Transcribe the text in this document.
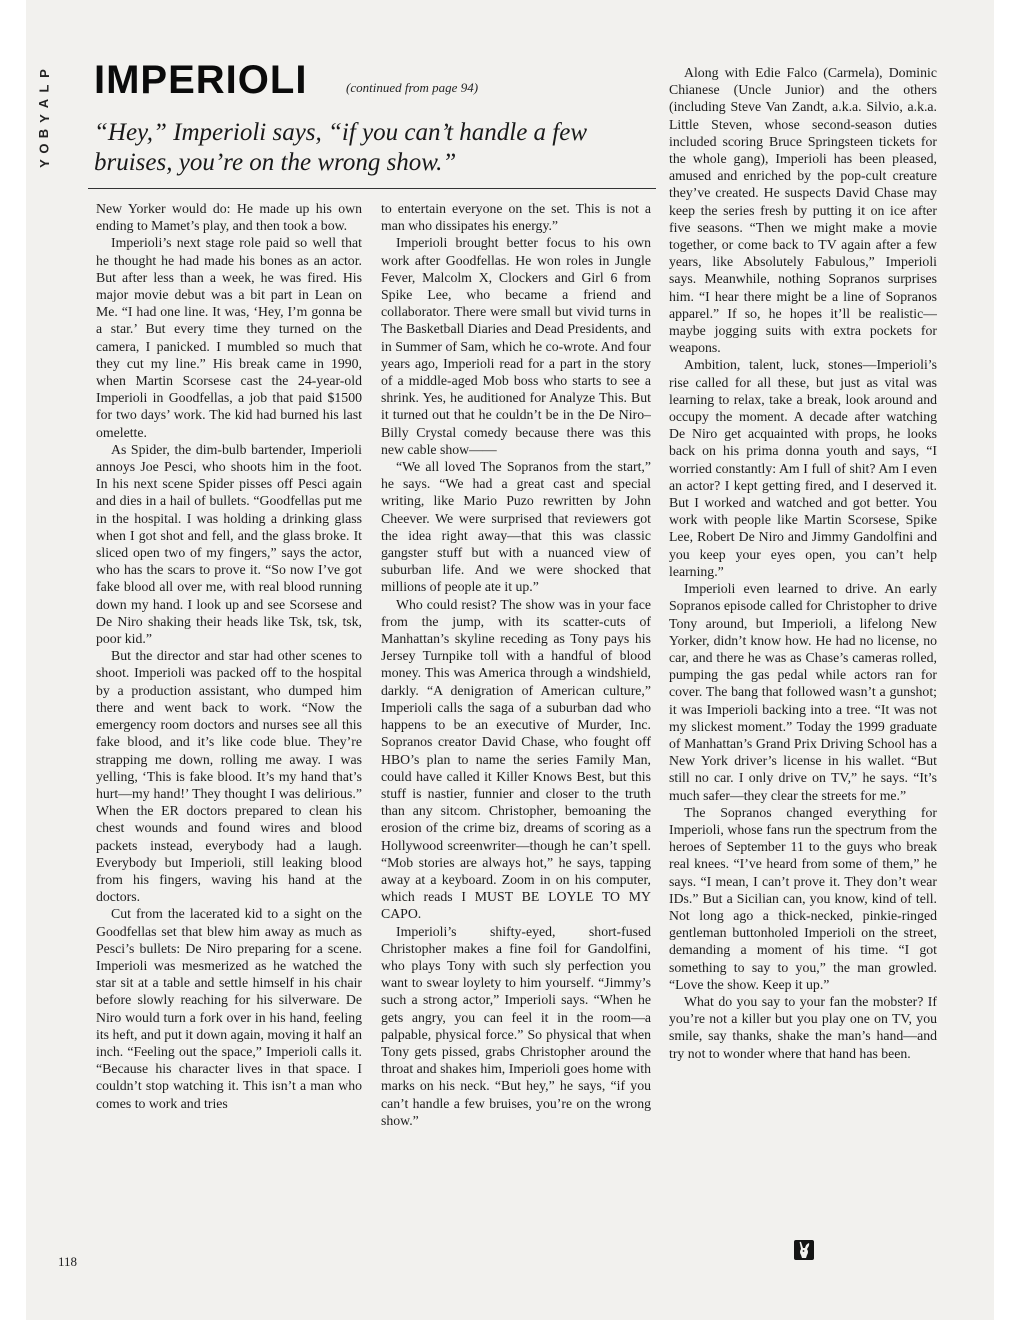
P
L
A
Y
B
O
Y
IMPERIOLI	(continued from page 94)
“Hey,” Imperioli says, “if you can’t handle a few bruises, you’re on the wrong show.”

New Yorker would do: He made up his own ending to Mamet’s play, and then took a bow.

Imperioli’s next stage role paid so well that he thought he had made his bones as an actor. But after less than a week, he was fired. His major movie debut was a bit part in Lean on Me. “I had one line. It was, ‘Hey, I’m gonna be a star.’ But every time they turned on the camera, I panicked. I mumbled so much that they cut my line.” His break came in 1990, when Martin Scorsese cast the 24-year-old Imperioli in Goodfellas, a job that paid $1500 for two days’ work. The kid had burned his last omelette.

As Spider, the dim-bulb bartender, Imperioli annoys Joe Pesci, who shoots him in the foot. In his next scene Spider pisses off Pesci again and dies in a hail of bullets. “Goodfellas put me in the hospital. I was holding a drinking glass when I got shot and fell, and the glass broke. It sliced open two of my fingers,” says the actor, who has the scars to prove it. “So now I’ve got fake blood all over me, with real blood running down my hand. I look up and see Scorsese and De Niro shaking their heads like Tsk, tsk, tsk, poor kid.”

But the director and star had other scenes to shoot. Imperioli was packed off to the hospital by a production assistant, who dumped him there and went back to work. “Now the emergency room doctors and nurses see all this fake blood, and it’s like code blue. They’re strapping me down, rolling me away. I was yelling, ‘This is fake blood. It’s my hand that’s hurt—my hand!’ They thought I was delirious.” When the ER doctors prepared to clean his chest wounds and found wires and blood packets instead, everybody had a laugh. Everybody but Imperioli, still leaking blood from his fingers, waving his hand at the doctors.

Cut from the lacerated kid to a sight on the Goodfellas set that blew him away as much as Pesci’s bullets: De Niro preparing for a scene. Imperioli was mesmerized as he watched the star sit at a table and settle himself in his chair before slowly reaching for his silverware. De Niro would turn a fork over in his hand, feeling its heft, and put it down again, moving it half an inch. “Feeling out the space,” Imperioli calls it. “Because his character lives in that space. I couldn’t stop watching it. This isn’t a man who comes to work and tries

to entertain everyone on the set. This is not a man who dissipates his energy.”

Imperioli brought better focus to his own work after Goodfellas. He won roles in Jungle Fever, Malcolm X, Clockers and Girl 6 from Spike Lee, who became a friend and collaborator. There were small but vivid turns in The Basketball Diaries and Dead Presidents, and in Summer of Sam, which he co-wrote. And four years ago, Imperioli read for a part in the story of a middle-aged Mob boss who starts to see a shrink. Yes, he auditioned for Analyze This. But it turned out that he couldn’t be in the De Niro–Billy Crystal comedy because there was this new cable show——

“We all loved The Sopranos from the start,” he says. “We had a great cast and special writing, like Mario Puzo rewritten by John Cheever. We were surprised that reviewers got the idea right away—that this was classic gangster stuff but with a nuanced view of suburban life. And we were shocked that millions of people ate it up.”

Who could resist? The show was in your face from the jump, with its scatter-cuts of Manhattan’s skyline receding as Tony pays his Jersey Turnpike toll with a handful of blood money. This was America through a windshield, darkly. “A denigration of American culture,” Imperioli calls the saga of a suburban dad who happens to be an executive of Murder, Inc. Sopranos creator David Chase, who fought off HBO’s plan to name the series Family Man, could have called it Killer Knows Best, but this stuff is nastier, funnier and closer to the truth than any sitcom. Christopher, bemoaning the erosion of the crime biz, dreams of scoring as a Hollywood screenwriter—though he can’t spell. “Mob stories are always hot,” he says, tapping away at a keyboard. Zoom in on his computer, which reads I MUST BE LOYLE TO MY CAPO.

Imperioli’s shifty-eyed, short-fused Christopher makes a fine foil for Gandolfini, who plays Tony with such sly perfection you want to swear loylety to him yourself. “Jimmy’s such a strong actor,” Imperioli says. “When he gets angry, you can feel it in the room—a palpable, physical force.” So physical that when Tony gets pissed, grabs Christopher around the throat and shakes him, Imperioli goes home with marks on his neck. “But hey,” he says, “if you can’t handle a few bruises, you’re on the wrong show.”

Along with Edie Falco (Carmela), Dominic Chianese (Uncle Junior) and the others (including Steve Van Zandt, a.k.a. Silvio, a.k.a. Little Steven, whose second-season duties included scoring Bruce Springsteen tickets for the whole gang), Imperioli has been pleased, amused and enriched by the pop-cult creature they’ve created. He suspects David Chase may keep the series fresh by putting it on ice after five seasons. “Then we might make a movie together, or come back to TV again after a few years, like Absolutely Fabulous,” Imperioli says. Meanwhile, nothing Sopranos surprises him. “I hear there might be a line of Sopranos apparel.” If so, he hopes it’ll be realistic—maybe jogging suits with extra pockets for weapons.

Ambition, talent, luck, stones—Imperioli’s rise called for all these, but just as vital was learning to relax, take a break, look around and occupy the moment. A decade after watching De Niro get acquainted with props, he looks back on his prima donna youth and says, “I worried constantly: Am I full of shit? Am I even an actor? I kept getting fired, and I deserved it. But I worked and watched and got better. You work with people like Martin Scorsese, Spike Lee, Robert De Niro and Jimmy Gandolfini and you keep your eyes open, you can’t help learning.”

Imperioli even learned to drive. An early Sopranos episode called for Christopher to drive Tony around, but Imperioli, a lifelong New Yorker, didn’t know how. He had no license, no car, and there he was as Chase’s cameras rolled, pumping the gas pedal while actors ran for cover. The bang that followed wasn’t a gunshot; it was Imperioli backing into a tree. “It was not my slickest moment.” Today the 1999 graduate of Manhattan’s Grand Prix Driving School has a New York driver’s license in his wallet. “But still no car. I only drive on TV,” he says. “It’s much safer—they clear the streets for me.”

The Sopranos changed everything for Imperioli, whose fans run the spectrum from the heroes of September 11 to the guys who break real knees. “I’ve heard from some of them,” he says. “I mean, I can’t prove it. They don’t wear IDs.” But a Sicilian can, you know, kind of tell. Not long ago a thick-necked, pinkie-ringed gentleman buttonholed Imperioli on the street, demanding a moment of his time. “I got something to say to you,” the man growled. “Love the show. Keep it up.”

What do you say to your fan the mobster? If you’re not a killer but you play one on TV, you smile, say thanks, shake the man’s hand—and try not to wonder where that hand has been.

118
